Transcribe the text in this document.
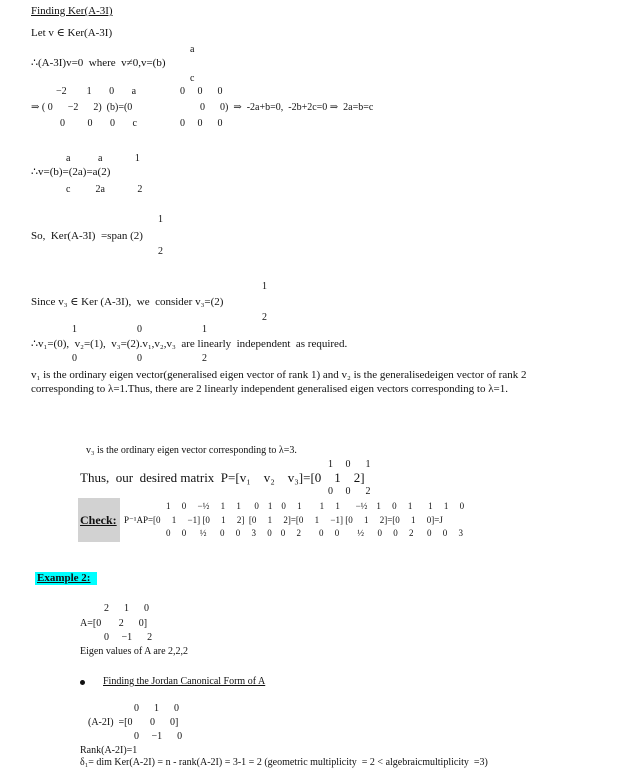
Finding Ker(A-3I)
Let v ∈ Ker(A-3I)
a
∴(A-3I)v=0  where  v≠0,v=(b)
c
−2        1       0       a	0     0      0
⇒ ( 0      −2      2)  (b)=(0	0      0)  ⇒  -2a+b=0,  -2b+2c=0 ⇒  2a=b=c
0         0       0       c	0     0      0
a           a             1
∴v=(b)=(2a)=a(2)
c          2a             2
1
So,  Ker(A-3I)  =span (2)
2
1
Since v₃ ∈ Ker (A-3I),  we  consider v₃=(2)
2
1                        0                        1
∴v₁=(0),  v₂=(1),  v₃=(2).v₁,v₂,v₃  are linearly  independent  as required.
0                        0                        2
v₁ is the ordinary eigen vector(generalised eigen vector of rank 1) and v₂ is the generalisedeigen vector of rank 2 corresponding to λ=1.Thus, there are 2 linearly independent generalised eigen vectors corresponding to λ=1.
v₃ is the ordinary eigen vector corresponding to λ=3.
1     0      1
Thus,  our  desired matrix  P=[v₁    v₂    v₃]=[0    1    2]
0     0      2
1     0     −½     1     1      0    1    0     1        1     1       −½    1     0     1       1     1     0
Check: P⁻¹AP=[0     1     −1] [0     1     2]  [0     1     2]=[0     1     −1] [0     1     2]=[0     1     0]=J
0     0      ½      0     0     3     0    0     2        0     0        ½      0     0     2      0     0     3
Example 2:
2      1      0
A=[0       2      0]
0     −1      2
Eigen values of A are 2,2,2
Finding the Jordan Canonical Form of A
0      1      0
(A-2I)  =[0       0      0]
0     −1      0
Rank(A-2I)=1
δ₁= dim Ker(A-2I) = n - rank(A-2I) = 3-1 = 2 (geometric multiplicity  = 2 < algebraicmultiplicity  =3)
